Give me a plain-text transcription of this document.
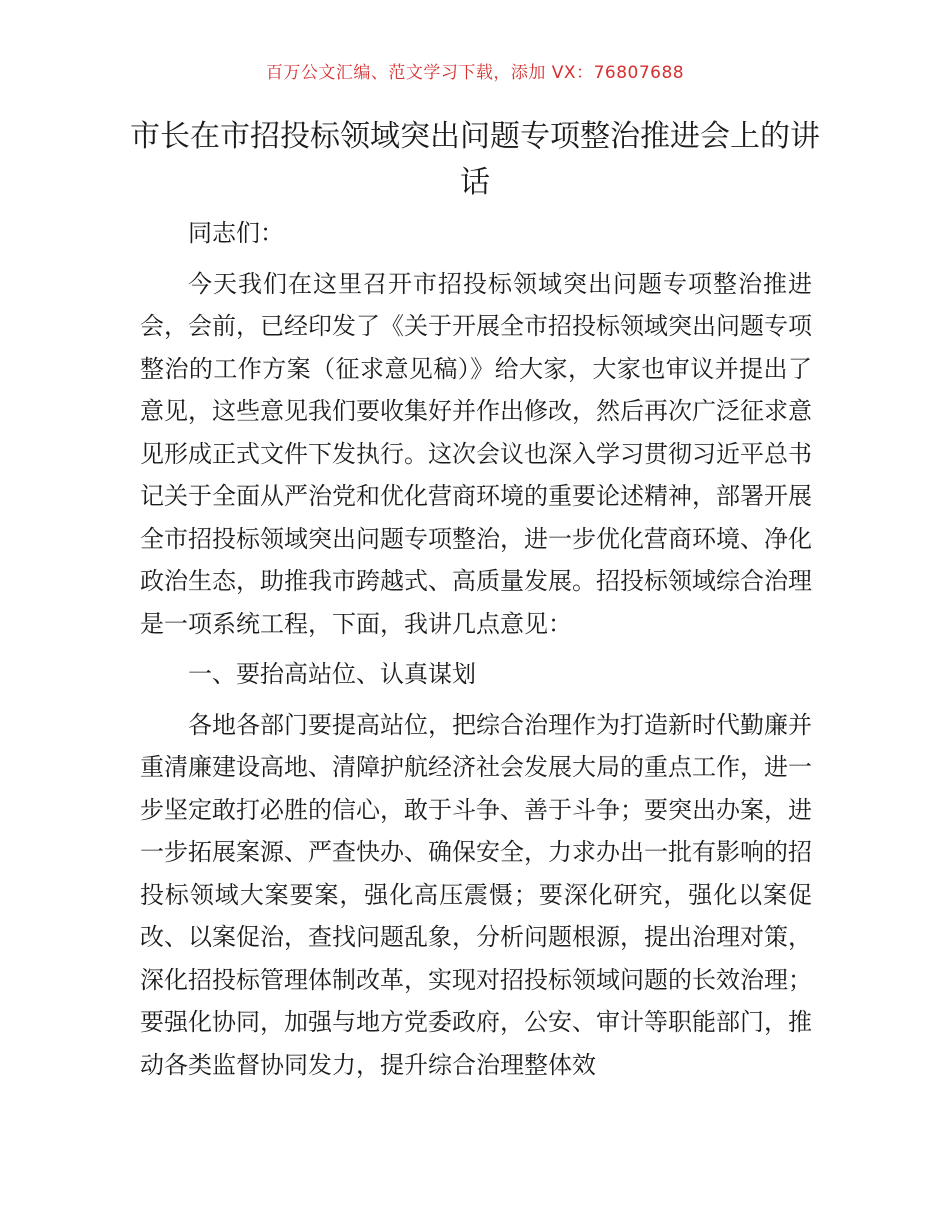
百万公文汇编、范文学习下载，添加 VX：76807688
市长在市招投标领域突出问题专项整治推进会上的讲话

同志们：

今天我们在这里召开市招投标领域突出问题专项整治推进会，会前，已经印发了《关于开展全市招投标领域突出问题专项整治的工作方案（征求意见稿）》给大家，大家也审议并提出了意见，这些意见我们要收集好并作出修改，然后再次广泛征求意见形成正式文件下发执行。这次会议也深入学习贯彻习近平总书记关于全面从严治党和优化营商环境的重要论述精神，部署开展全市招投标领域突出问题专项整治，进一步优化营商环境、净化政治生态，助推我市跨越式、高质量发展。招投标领域综合治理是一项系统工程，下面，我讲几点意见：

一、要抬高站位、认真谋划

各地各部门要提高站位，把综合治理作为打造新时代勤廉并重清廉建设高地、清障护航经济社会发展大局的重点工作，进一步坚定敢打必胜的信心，敢于斗争、善于斗争；要突出办案，进一步拓展案源、严查快办、确保安全，力求办出一批有影响的招投标领域大案要案，强化高压震慑；要深化研究，强化以案促改、以案促治，查找问题乱象，分析问题根源，提出治理对策，深化招投标管理体制改革，实现对招投标领域问题的长效治理；要强化协同，加强与地方党委政府，公安、审计等职能部门，推动各类监督协同发力，提升综合治理整体效
